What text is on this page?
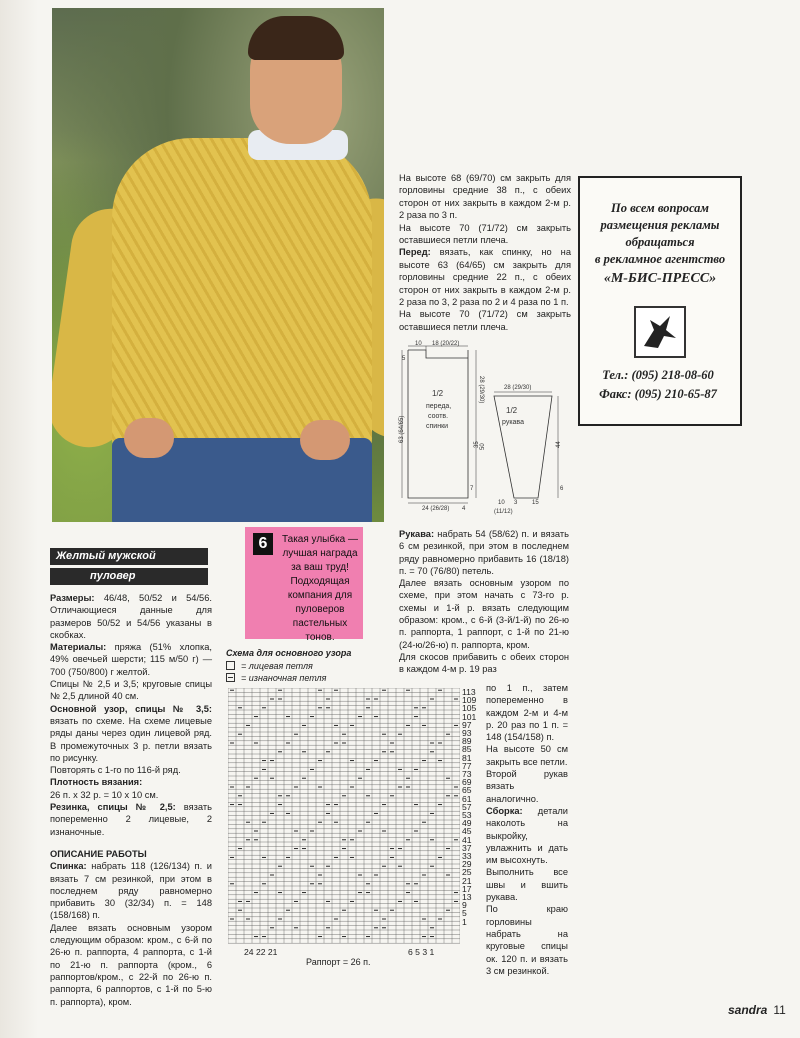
На высоте 68 (69/70) см закрыть для горловины средние 38 п., с обеих сторон от них закрыть в каждом 2-м р. 2 раза по 3 п.

На высоте 70 (71/72) см закрыть оставшиеся петли плеча.

Перед: вязать, как спинку, но на высоте 63 (64/65) см закрыть для горловины средние 22 п., с обеих сторон от них закрыть в каждом 2-м р. 2 раза по 3, 2 раза по 2 и 4 раза по 1 п.

На высоте 70 (71/72) см закрыть оставшиеся петли плеча.

По всем вопросам
размещения рекламы
обращаться
в рекламное агентство
«М-БИС-ПРЕСС»
Тел.: (095) 218-08-60
Факс: (095) 210-65-87
10 18 (20/22)
63 (64/65)
28 (29/30)
35
7
5
24 (26/28) 4
1/2
переда,
соотв.
спинки
28 (29/30)
1/2
рукава
44
50
6
10 3 15
(11/12)
Желтый мужской
пуловер
6	Такая улыбка — лучшая награда за ваш труд! Подходящая компания для пуловеров пастельных тонов.

Размеры: 46/48, 50/52 и 54/56. Отличающиеся данные для размеров 50/52 и 54/56 указаны в скобках.

Материалы: пряжа (51% хлопка, 49% овечьей шерсти; 115 м/50 г) — 700 (750/800) г желтой.

Спицы № 2,5 и 3,5; круговые спицы № 2,5 длиной 40 см.

Основной узор, спицы № 3,5: вязать по схеме. На схеме лицевые ряды даны через один лицевой ряд. В промежуточных 3 р. петли вязать по рисунку.

Повторять с 1-го по 116-й ряд.

Плотность вязания:

26 п. х 32 р. = 10 х 10 см.

Резинка, спицы № 2,5: вязать попеременно 2 лицевые, 2 изнаночные.

ОПИСАНИЕ РАБОТЫ

Спинка: набрать 118 (126/134) п. и вязать 7 см резинкой, при этом в последнем ряду равномерно прибавить 30 (32/34) п. = 148 (158/168) п.

Далее вязать основным узором следующим образом: кром., с 6-й по 26-ю п. раппорта, 4 раппорта, с 1-й по 21-ю п. раппорта (кром., 6 раппортов/кром., с 22-й по 26-ю п. раппорта, 6 раппортов, с 1-й по 5-ю п. раппорта), кром.

Схема для основного узора
= лицевая петля
= изнаночная петля
113
109
105
101
97
93
89
85
81
77
73
69
65
61
57
53
49
45
41
37
33
29
25
21
17
13
9
5
1
24 22 21	6 5 3 1
Раппорт = 26 п.

Рукава: набрать 54 (58/62) п. и вязать 6 см резинкой, при этом в последнем ряду равномерно прибавить 16 (18/18) п. = 70 (76/80) петель.

Далее вязать основным узором по схеме, при этом начать с 73-го р. схемы и 1-й р. вязать следующим образом: кром., с 6-й (3-й/1-й) по 26-ю п. раппорта, 1 раппорт, с 1-й по 21-ю (24-ю/26-ю) п. раппорта, кром.

Для скосов прибавить с обеих сторон в каждом 4-м р. 19 раз

по 1 п., затем попеременно в каждом 2-м и 4-м р. 20 раз по 1 п. = 148 (154/158) п.

На высоте 50 см закрыть все петли.

Второй рукав вязать аналогично.

Сборка: детали наколоть на выкройку, увлажнить и дать им высохнуть.

Выполнить все швы и вшить рукава.

По краю горловины набрать на круговые спицы ок. 120 п. и вязать 3 см резинкой.

sandra 11
